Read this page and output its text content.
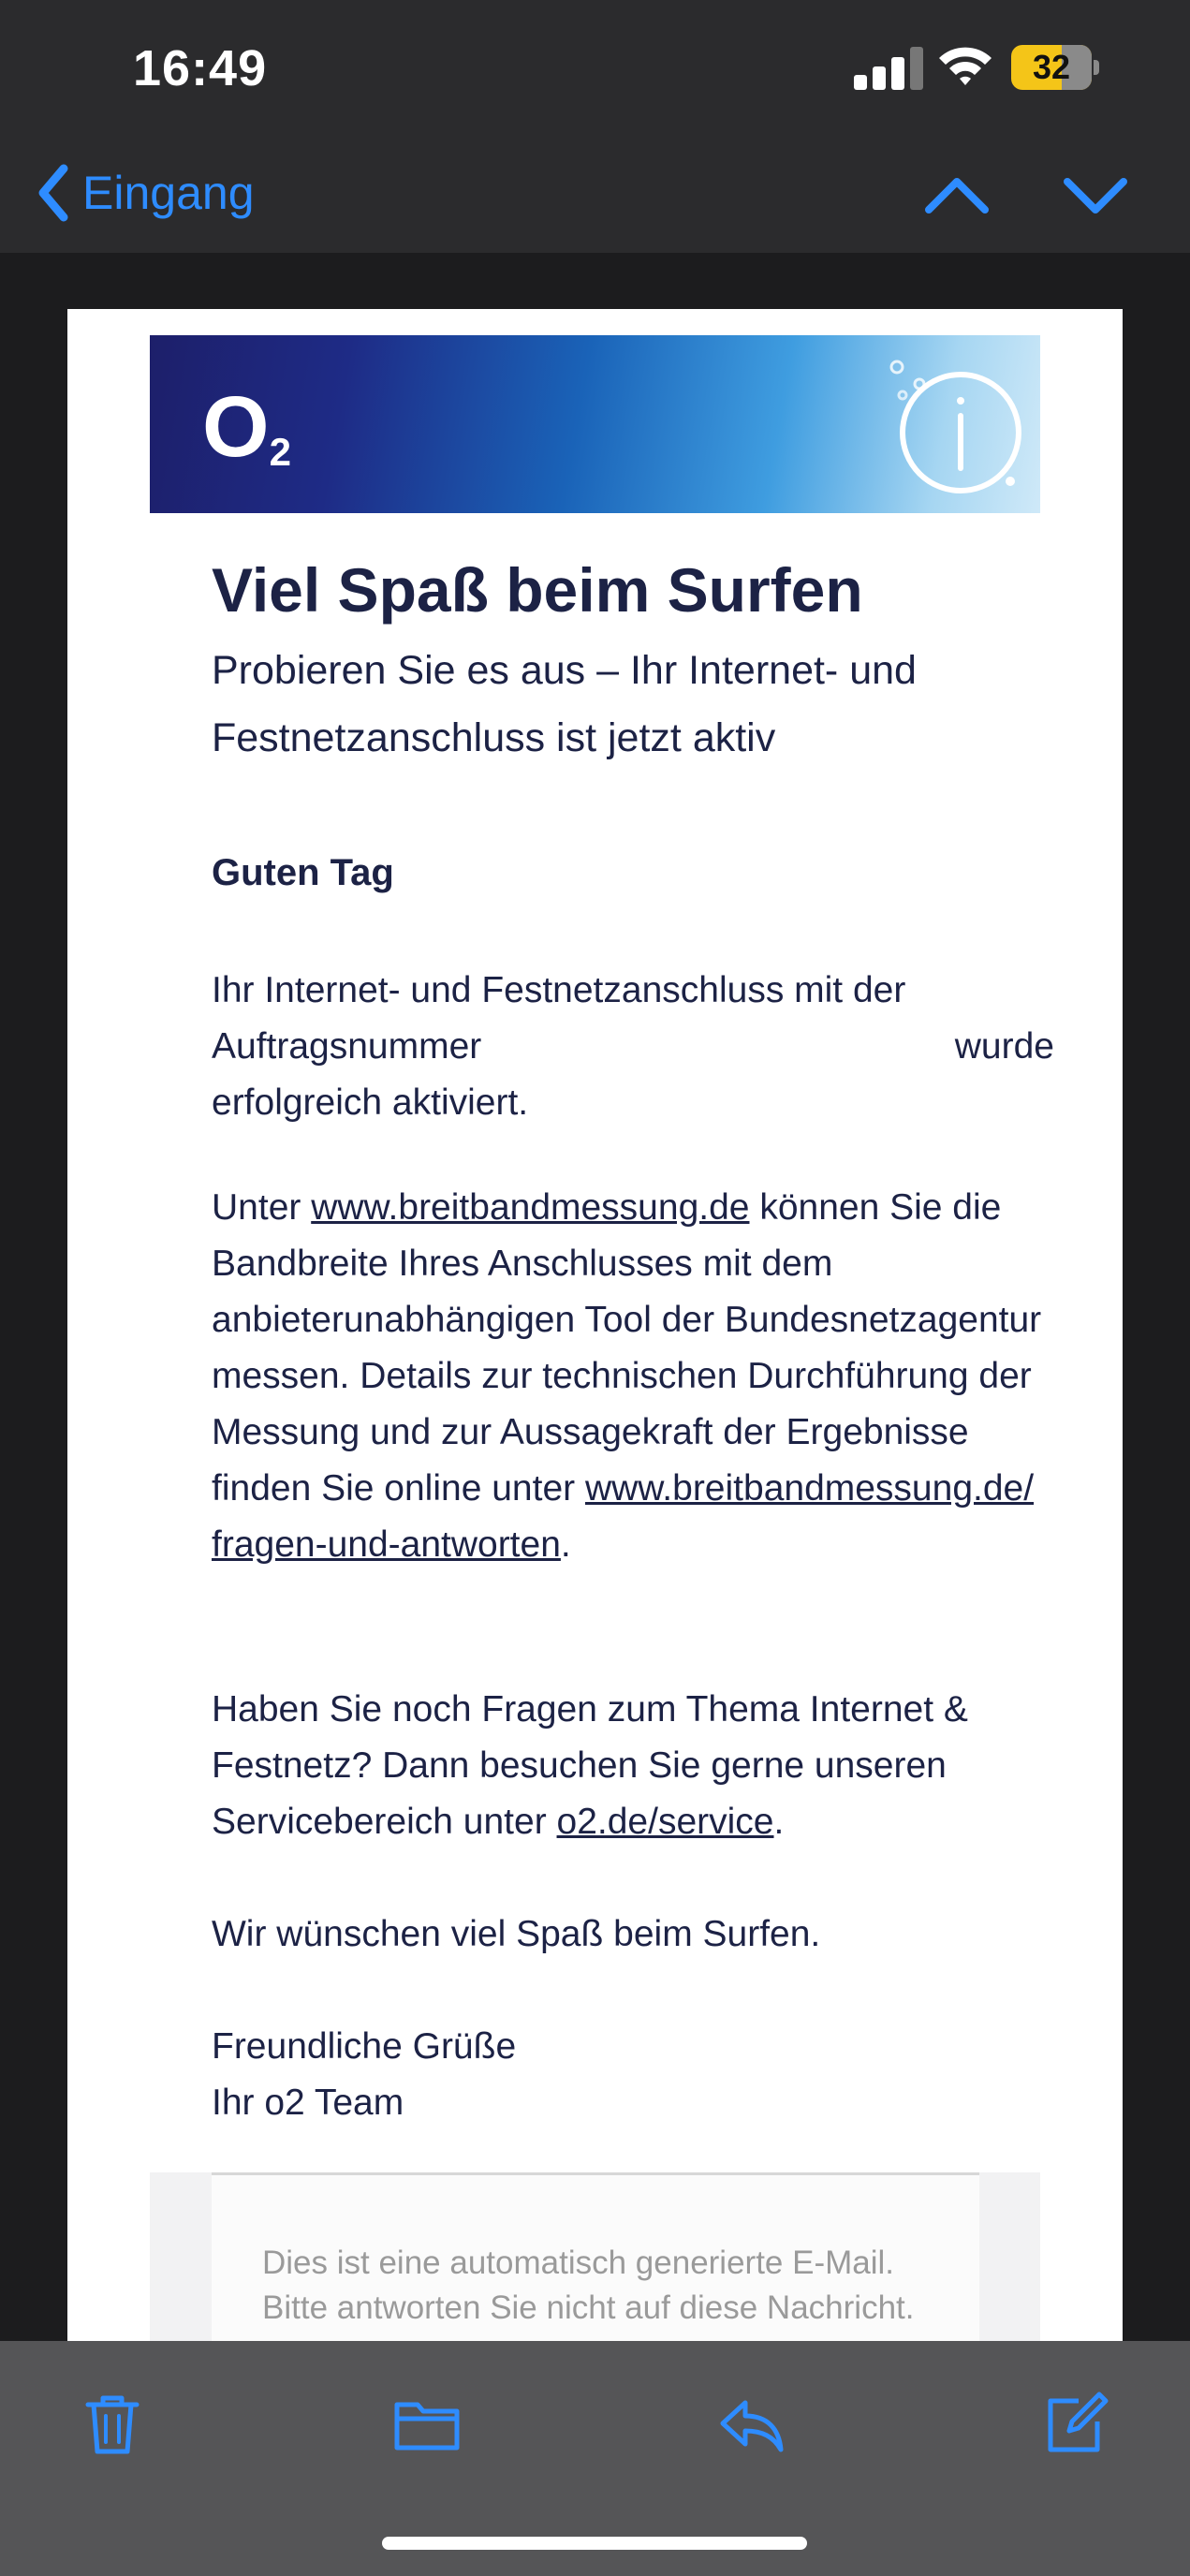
16:49	32
Eingang
$O_2$
Viel Spaß beim Surfen
Probieren Sie es aus – Ihr Internet- und Festnetzanschluss ist jetzt aktiv
Guten Tag
Ihr Internet- und Festnetzanschluss mit der
Auftragsnummer	wurde
erfolgreich aktiviert.
Unter www.breitbandmessung.de können Sie die Bandbreite Ihres Anschlusses mit dem anbieterunabhängigen Tool der Bundesnetzagentur messen. Details zur technischen Durchführung der Messung und zur Aussagekraft der Ergebnisse finden Sie online unter www.breitbandmessung.de/ fragen-und-antworten.
Haben Sie noch Fragen zum Thema Internet & Festnetz? Dann besuchen Sie gerne unseren Servicebereich unter o2.de/service.
Wir wünschen viel Spaß beim Surfen.
Freundliche Grüße
Ihr o2 Team
Dies ist eine automatisch generierte E-Mail. Bitte antworten Sie nicht auf diese Nachricht.
